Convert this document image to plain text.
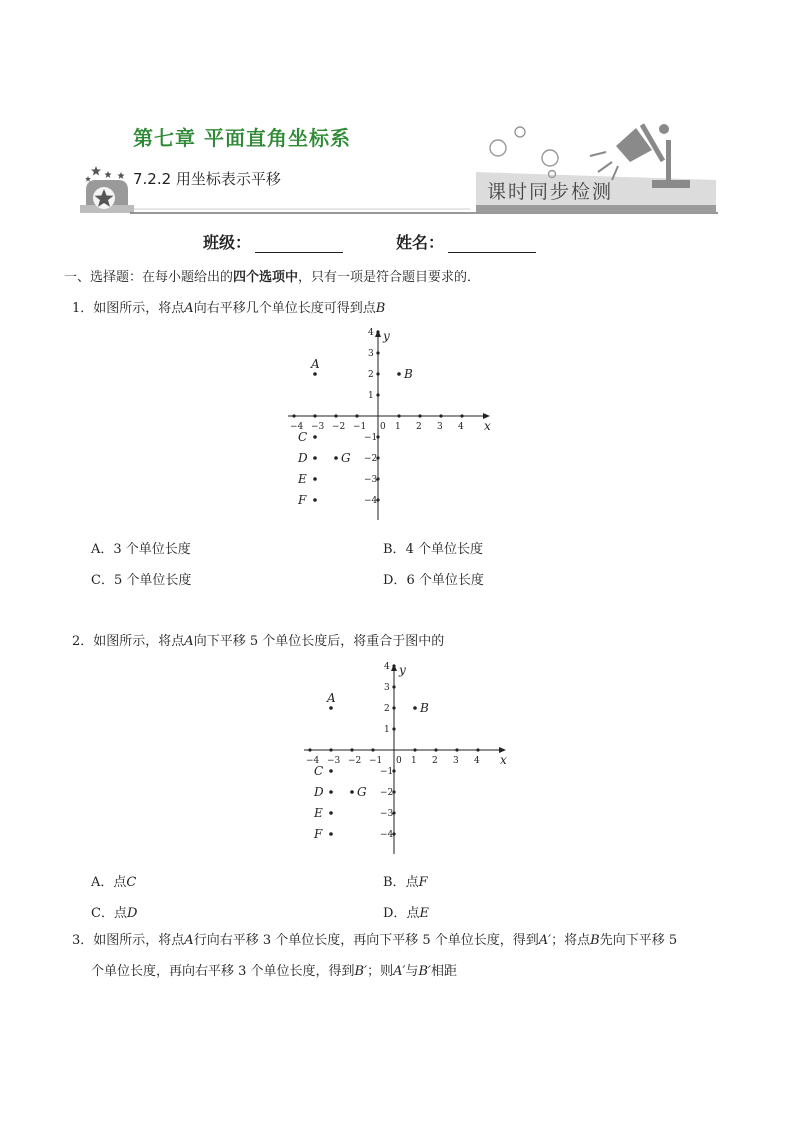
第七章 平面直角坐标系
7.2.2 用坐标表示平移
课时同步检测
班级：	姓名：
一、选择题：在每小题给出的四个选项中，只有一项是符合题目要求的．
1．如图所示，将点A向右平移几个单位长度可得到点B
x
y
−4 −3 −2 −1 0 1 2 3 4
4
3
2
1
−1
−2
−3
−4
A
B
C
D	G
E
F
A．3 个单位长度	B．4 个单位长度
C．5 个单位长度	D．6 个单位长度
2．如图所示，将点A向下平移 5 个单位长度后，将重合于图中的
x
y
−4 −3 −2 −1 0 1 2 3 4
4
3
2
1
−1
−2
−3
−4
A
B
C
D	G
E
F
A．点C	B．点F
C．点D	D．点E
3．如图所示，将点A行向右平移 3 个单位长度，再向下平移 5 个单位长度，得到A′；将点B先向下平移 5
个单位长度，再向右平移 3 个单位长度，得到B′；则A′与B′相距
